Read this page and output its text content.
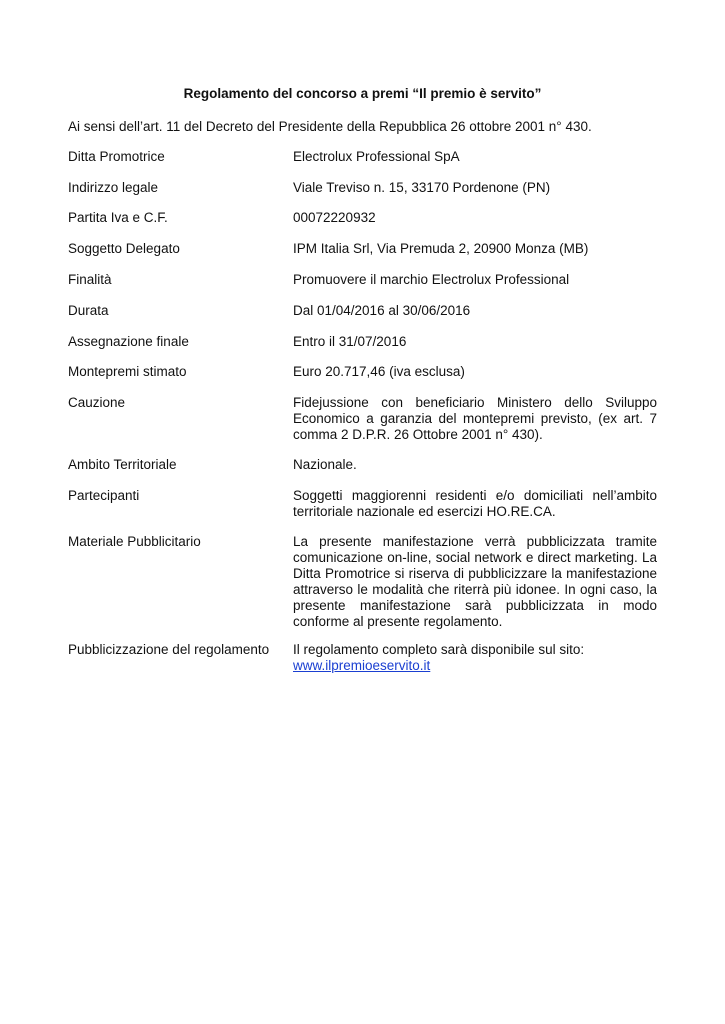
Regolamento del concorso a premi “Il premio è servito”
Ai sensi dell’art. 11 del Decreto del Presidente della Repubblica 26 ottobre 2001 n° 430.
Ditta Promotrice	Electrolux Professional SpA
Indirizzo legale	Viale Treviso n. 15, 33170 Pordenone (PN)
Partita Iva e C.F.	00072220932
Soggetto Delegato	IPM Italia Srl, Via Premuda 2, 20900 Monza (MB)
Finalità	Promuovere il marchio Electrolux Professional
Durata	Dal 01/04/2016 al 30/06/2016
Assegnazione finale	Entro il 31/07/2016
Montepremi stimato	Euro 20.717,46 (iva esclusa)
Cauzione	Fidejussione con beneficiario Ministero dello Sviluppo Economico a garanzia del montepremi previsto, (ex art. 7 comma 2 D.P.R. 26 Ottobre 2001 n° 430).
Ambito Territoriale	Nazionale.
Partecipanti	Soggetti maggiorenni residenti e/o domiciliati nell’ambito territoriale nazionale ed esercizi HO.RE.CA.
Materiale Pubblicitario	La presente manifestazione verrà pubblicizzata tramite comunicazione on-line, social network e direct marketing. La Ditta Promotrice si riserva di pubblicizzare la manifestazione attraverso le modalità che riterrà più idonee. In ogni caso, la presente manifestazione sarà pubblicizzata in modo conforme al presente regolamento.
Pubblicizzazione del regolamento	Il regolamento completo sarà disponibile sul sito:
www.ilpremioeservito.it
